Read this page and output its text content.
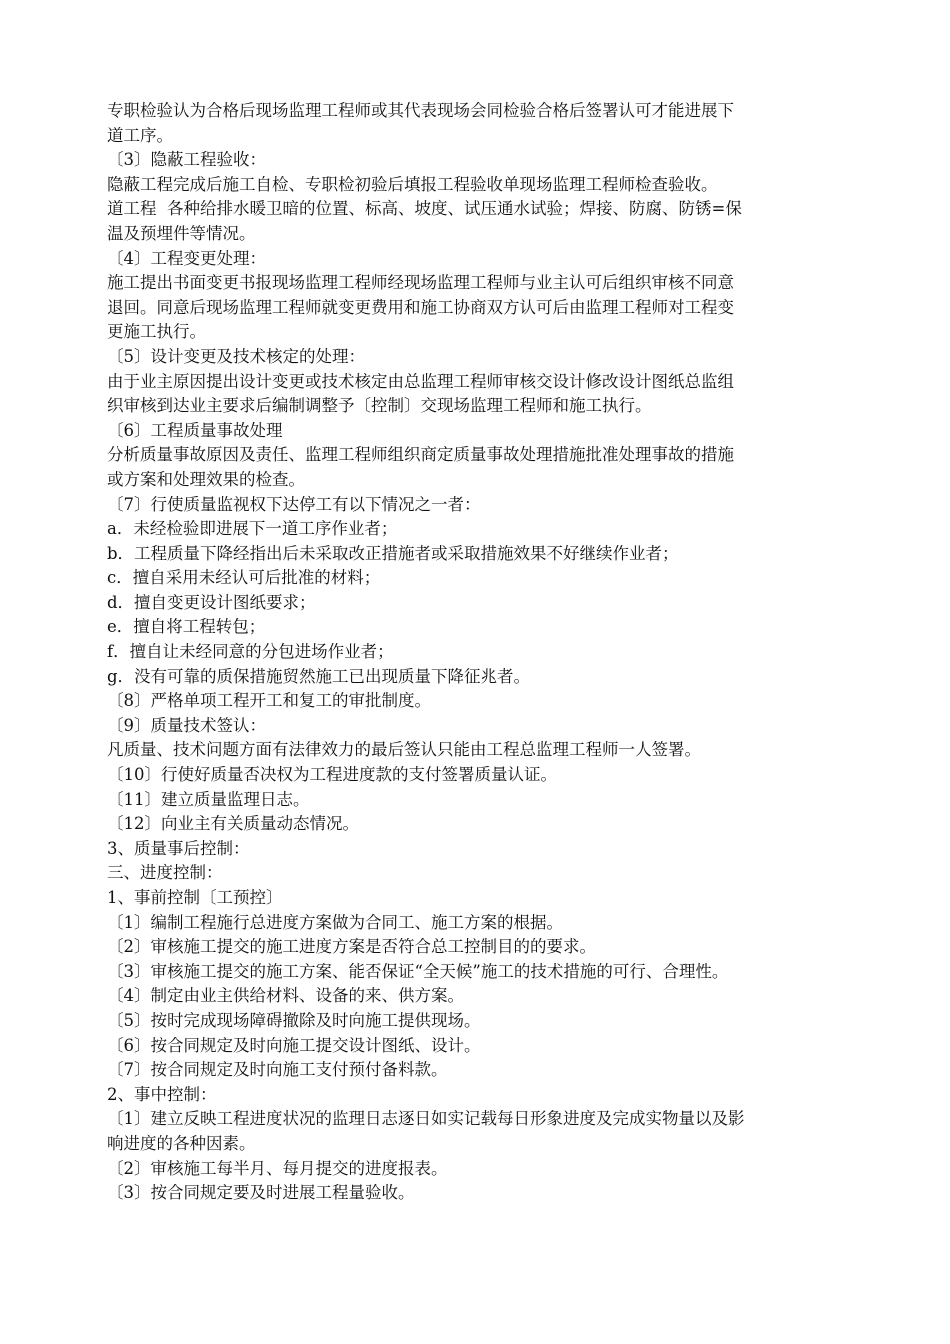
专职检验认为合格后现场监理工程师或其代表现场会同检验合格后签署认可才能进展下
道工序。
〔3〕隐蔽工程验收：
隐蔽工程完成后施工自检、专职检初验后填报工程验收单现场监理工程师检查验收。
道工程  各种给排水暖卫暗的位置、标高、坡度、试压通水试验；焊接、防腐、防锈=保
温及预埋件等情况。
〔4〕工程变更处理：
施工提出书面变更书报现场监理工程师经现场监理工程师与业主认可后组织审核不同意
退回。同意后现场监理工程师就变更费用和施工协商双方认可后由监理工程师对工程变
更施工执行。
〔5〕设计变更及技术核定的处理：
由于业主原因提出设计变更或技术核定由总监理工程师审核交设计修改设计图纸总监组
织审核到达业主要求后编制调整予〔控制〕交现场监理工程师和施工执行。
〔6〕工程质量事故处理
分析质量事故原因及责任、监理工程师组织商定质量事故处理措施批准处理事故的措施
或方案和处理效果的检查。
〔7〕行使质量监视权下达停工有以下情况之一者：
a．未经检验即进展下一道工序作业者；
b．工程质量下降经指出后未采取改正措施者或采取措施效果不好继续作业者；
c．擅自采用未经认可后批准的材料；
d．擅自变更设计图纸要求；
e．擅自将工程转包；
f．擅自让未经同意的分包进场作业者；
g．没有可靠的质保措施贸然施工已出现质量下降征兆者。
〔8〕严格单项工程开工和复工的审批制度。
〔9〕质量技术签认：
凡质量、技术问题方面有法律效力的最后签认只能由工程总监理工程师一人签署。
〔10〕行使好质量否决权为工程进度款的支付签署质量认证。
〔11〕建立质量监理日志。
〔12〕向业主有关质量动态情况。
3、质量事后控制：
三、进度控制：
1、事前控制〔工预控〕
〔1〕编制工程施行总进度方案做为合同工、施工方案的根据。
〔2〕审核施工提交的施工进度方案是否符合总工控制目的的要求。
〔3〕审核施工提交的施工方案、能否保证“全天候”施工的技术措施的可行、合理性。
〔4〕制定由业主供给材料、设备的来、供方案。
〔5〕按时完成现场障碍撤除及时向施工提供现场。
〔6〕按合同规定及时向施工提交设计图纸、设计。
〔7〕按合同规定及时向施工支付预付备料款。
2、事中控制：
〔1〕建立反映工程进度状况的监理日志逐日如实记载每日形象进度及完成实物量以及影
响进度的各种因素。
〔2〕审核施工每半月、每月提交的进度报表。
〔3〕按合同规定要及时进展工程量验收。
